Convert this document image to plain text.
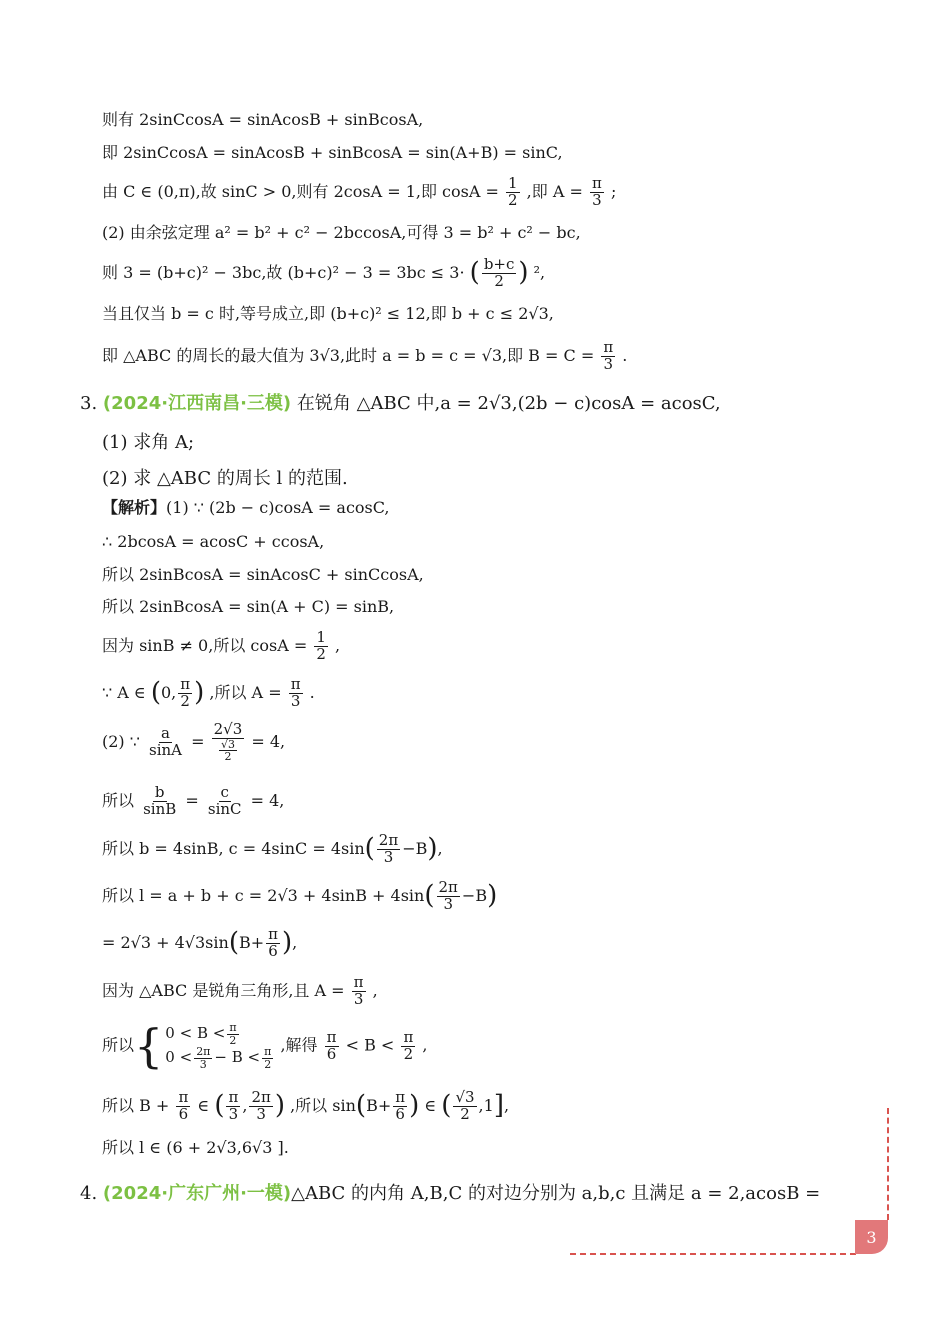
则有 2sinCcosA = sinAcosB + sinBcosA,
即 2sinCcosA = sinAcosB + sinBcosA = sin(A+B) = sinC,
由 C ∈ (0,π),故 sinC > 0,则有 2cosA = 1,即 $\cos A = \frac{1}{2}$ ,即 $A = \frac{\pi}{3}$ ;
(2) 由余弦定理 a² = b² + c² − 2bccosA,可得 3 = b² + c² − bc,
则 3 = (b+c)² − 3bc,故 (b+c)² − 3 = 3bc ≤ 3· ( $\frac{b+c}{2}$ ) ²,
当且仅当 b = c 时,等号成立,即 (b+c)² ≤ 12,即 b + c ≤ 2√3,
即 △ABC 的周长的最大值为 3√3,此时 a = b = c = √3,即 $B = C = \frac{\pi}{3}$ .
3. (2024·江西南昌·三模) 在锐角 △ABC 中,a = 2√3,(2b − c)cosA = acosC,
(1) 求角 A;
(2) 求 △ABC 的周长 l 的范围.
【解析】(1) ∵ (2b − c)cosA = acosC,
∴ 2bcosA = acosC + ccosA,
所以 2sinBcosA = sinAcosC + sinCcosA,
所以 2sinBcosA = sin(A + C) = sinB,
因为 sinB ≠ 0,所以 $\cos A = \frac{1}{2}$ ,
∵ A ∈ (0, $\frac{\pi}{2}$ ) ,所以 $A = \frac{\pi}{3}$ .
(2) ∵ $\frac{a}{\sin A} = \frac{2√3}{\frac{√3}{2}} = 4$,
所以 $\frac{b}{\sin B} = \frac{c}{\sin C} = 4$,
所以 b = 4sinB, $c = 4\sin C = 4\sin( \frac{2\pi}{3} -B)$,
所以 $l = a + b + c = 2√3 + 4\sin B + 4\sin( \frac{2\pi}{3} -B)$
= $2√3 + 4√3\sin(B+ \frac{\pi}{6}$ ),
因为 △ABC 是锐角三角形,且 $A = \frac{\pi}{3}$ ,
所以{ $0 < B < \frac{\pi}{2}$
$0 < \frac{2\pi}{3} - B < \frac{\pi}{2}$
,解得 $\frac{\pi}{6} < B < \frac{\pi}{2}$ ,
所以 $B + \frac{\pi}{6}$ ∈ ( $\frac{\pi}{3}$ , $\frac{2\pi}{3}$ ) ,所以 $\sin(B+ \frac{\pi}{6}$ ) ∈ ( $\frac{√3}{2} ,1$],
所以 l ∈ (6 + 2√3,6√3 ].
4. (2024·广东广州·一模)△ABC 的内角 A,B,C 的对边分别为 a,b,c 且满足 a = 2,acosB =
3
